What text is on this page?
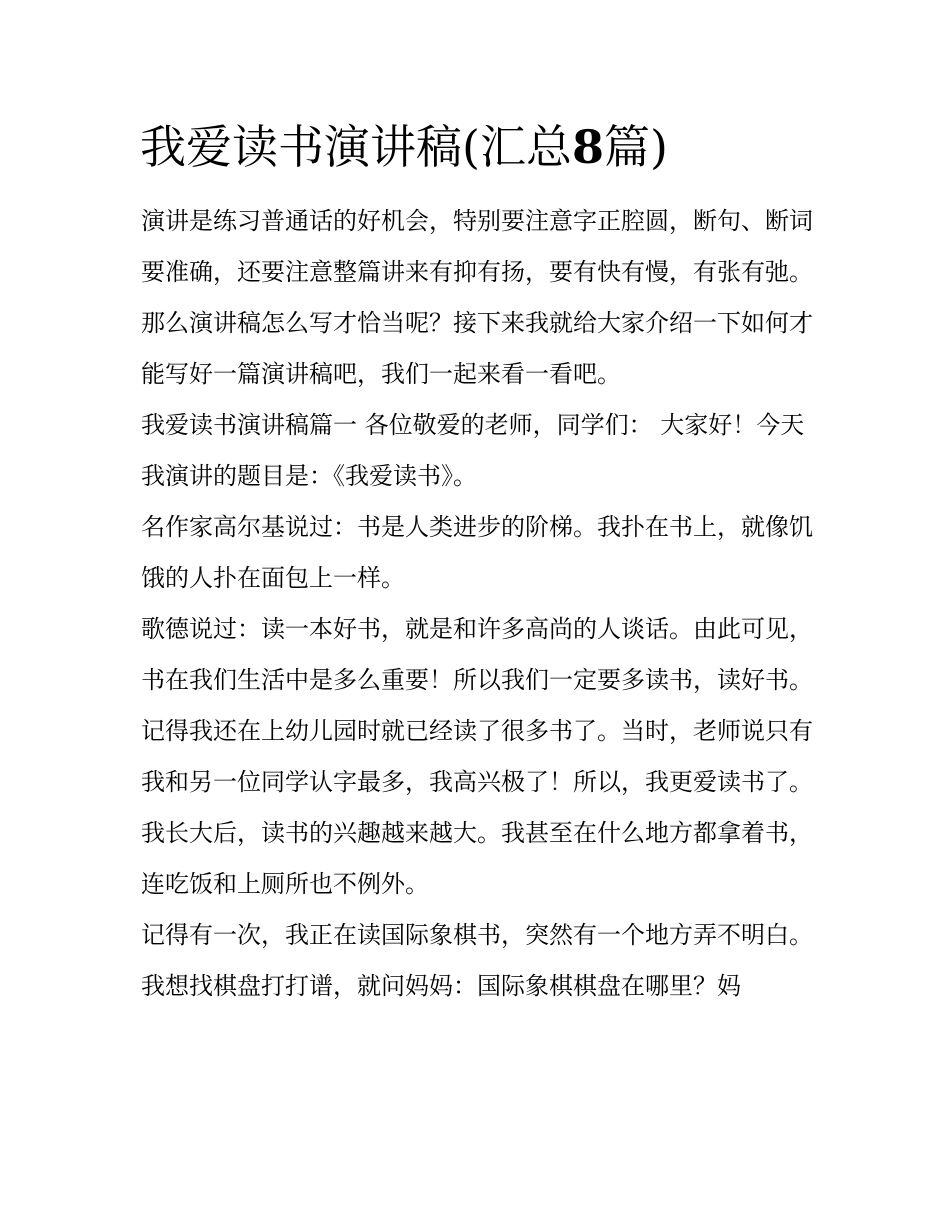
我爱读书演讲稿(汇总8篇)

演讲是练习普通话的好机会，特别要注意字正腔圆，断句、断词要准确，还要注意整篇讲来有抑有扬，要有快有慢，有张有弛。那么演讲稿怎么写才恰当呢？接下来我就给大家介绍一下如何才能写好一篇演讲稿吧，我们一起来看一看吧。

我爱读书演讲稿篇一 各位敬爱的老师，同学们： 大家好！今天我演讲的题目是：《我爱读书》。

名作家高尔基说过：书是人类进步的阶梯。我扑在书上，就像饥饿的人扑在面包上一样。

歌德说过：读一本好书，就是和许多高尚的人谈话。由此可见，书在我们生活中是多么重要！所以我们一定要多读书，读好书。

记得我还在上幼儿园时就已经读了很多书了。当时，老师说只有我和另一位同学认字最多，我高兴极了！所以，我更爱读书了。

我长大后，读书的兴趣越来越大。我甚至在什么地方都拿着书，连吃饭和上厕所也不例外。

记得有一次，我正在读国际象棋书，突然有一个地方弄不明白。我想找棋盘打打谱，就问妈妈：国际象棋棋盘在哪里？妈
